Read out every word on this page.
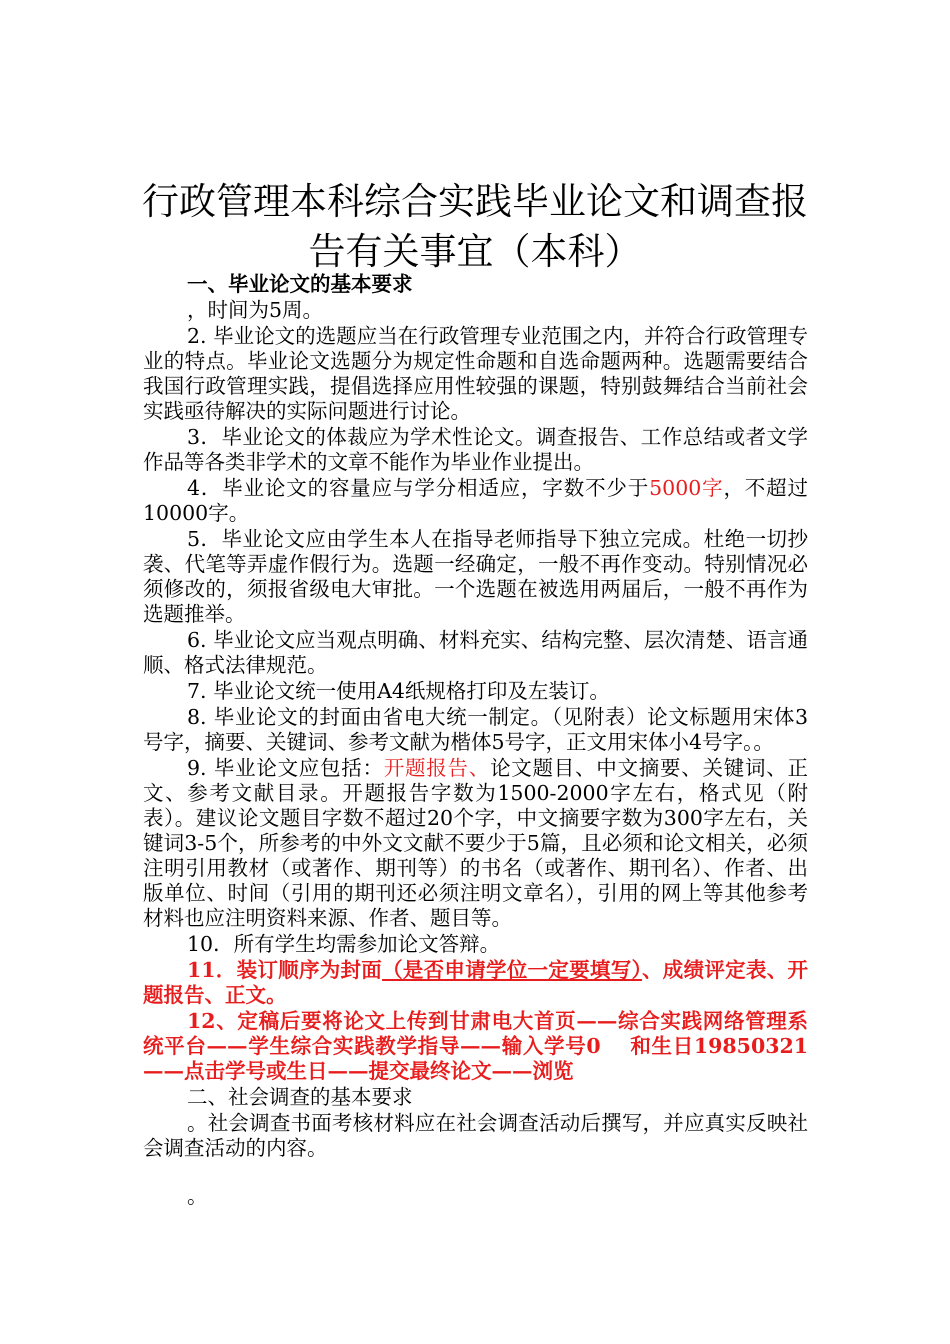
行政管理本科综合实践毕业论文和调查报
告有关事宜（本科）

一、毕业论文的基本要求

，时间为5周。

2. 毕业论文的选题应当在行政管理专业范围之内，并符合行政管理专业的特点。毕业论文选题分为规定性命题和自选命题两种。选题需要结合我国行政管理实践，提倡选择应用性较强的课题，特别鼓舞结合当前社会实践亟待解决的实际问题进行讨论。

3．毕业论文的体裁应为学术性论文。调查报告、工作总结或者文学作品等各类非学术的文章不能作为毕业作业提出。

4．毕业论文的容量应与学分相适应，字数不少于5000字，不超过10000字。

5．毕业论文应由学生本人在指导老师指导下独立完成。杜绝一切抄袭、代笔等弄虚作假行为。选题一经确定，一般不再作变动。特别情况必须修改的，须报省级电大审批。一个选题在被选用两届后，一般不再作为选题推举。

6. 毕业论文应当观点明确、材料充实、结构完整、层次清楚、语言通顺、格式法律规范。

7. 毕业论文统一使用A4纸规格打印及左装订。

8. 毕业论文的封面由省电大统一制定。（见附表）论文标题用宋体3号字，摘要、关键词、参考文献为楷体5号字，正文用宋体小4号字。。

9. 毕业论文应包括：开题报告、论文题目、中文摘要、关键词、正文、参考文献目录。开题报告字数为1500-2000字左右，格式见（附表）。建议论文题目字数不超过20个字，中文摘要字数为300字左右，关键词3-5个，所参考的中外文文献不要少于5篇，且必须和论文相关，必须注明引用教材（或著作、期刊等）的书名（或著作、期刊名）、作者、出版单位、时间（引用的期刊还必须注明文章名），引用的网上等其他参考材料也应注明资料来源、作者、题目等。

10．所有学生均需参加论文答辩。

11．装订顺序为封面（是否申请学位一定要填写）、成绩评定表、开题报告、正文。

12、定稿后要将论文上传到甘肃电大首页——综合实践网络管理系统平台——学生综合实践教学指导——输入学号0　 和生日19850321——点击学号或生日——提交最终论文——浏览

二、社会调查的基本要求

。社会调查书面考核材料应在社会调查活动后撰写，并应真实反映社会调查活动的内容。

。
